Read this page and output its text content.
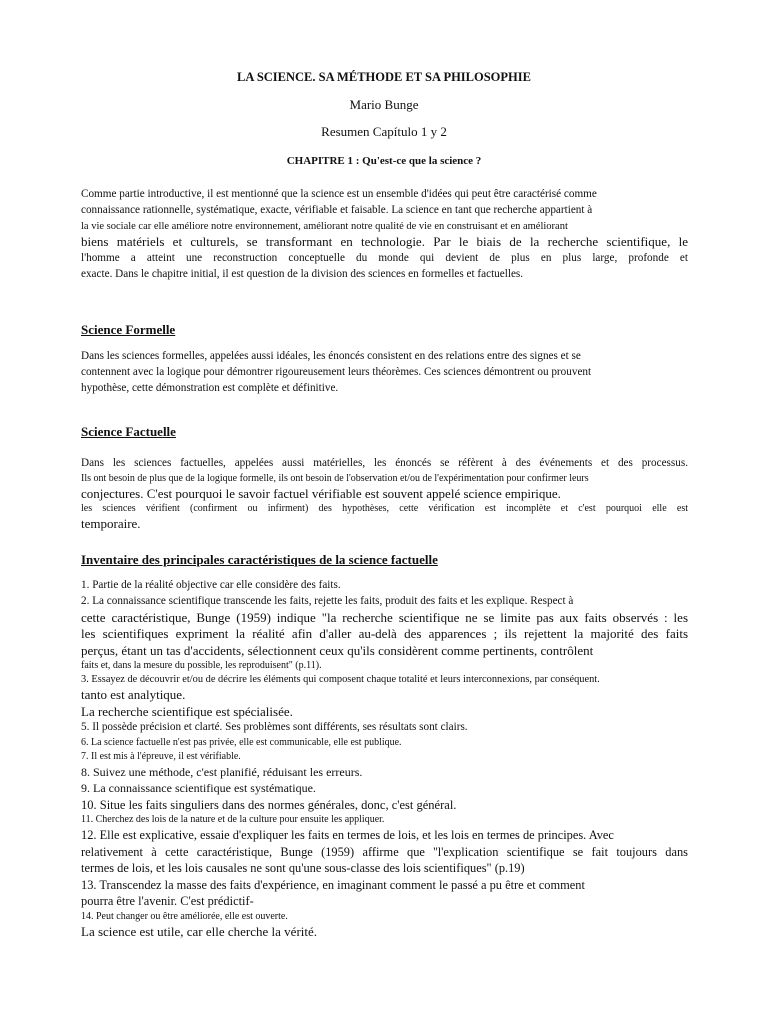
LA SCIENCE. SA MÉTHODE ET SA PHILOSOPHIE
Mario Bunge
Resumen Capítulo 1 y 2
CHAPITRE 1 : Qu'est-ce que la science ?
Comme partie introductive, il est mentionné que la science est un ensemble d'idées qui peut être caractérisé comme
connaissance rationnelle, systématique, exacte, vérifiable et faisable. La science en tant que recherche appartient à
la vie sociale car elle améliore notre environnement, améliorant notre qualité de vie en construisant et en améliorant
biens matériels et culturels, se transformant en technologie. Par le biais de la recherche scientifique, le
l'homme a atteint une reconstruction conceptuelle du monde qui devient de plus en plus large, profonde et
exacte. Dans le chapitre initial, il est question de la division des sciences en formelles et factuelles.
Science Formelle
Dans les sciences formelles, appelées aussi idéales, les énoncés consistent en des relations entre des signes et se
contennent avec la logique pour démontrer rigoureusement leurs théorèmes. Ces sciences démontrent ou prouvent
hypothèse, cette démonstration est complète et définitive.
Science Factuelle
Dans les sciences factuelles, appelées aussi matérielles, les énoncés se réfèrent à des événements et des processus.
Ils ont besoin de plus que de la logique formelle, ils ont besoin de l'observation et/ou de l'expérimentation pour confirmer leurs
conjectures. C'est pourquoi le savoir factuel vérifiable est souvent appelé science empirique.
les sciences vérifient (confirment ou infirment) des hypothèses, cette vérification est incomplète et c'est pourquoi elle est
temporaire.
Inventaire des principales caractéristiques de la science factuelle
1. Partie de la réalité objective car elle considère des faits.
2. La connaissance scientifique transcende les faits, rejette les faits, produit des faits et les explique. Respect à
cette caractéristique, Bunge (1959) indique "la recherche scientifique ne se limite pas aux faits observés : les
les scientifiques expriment la réalité afin d'aller au-delà des apparences ; ils rejettent la majorité des faits
perçus, étant un tas d'accidents, sélectionnent ceux qu'ils considèrent comme pertinents, contrôlent
faits et, dans la mesure du possible, les reproduisent" (p.11).
3. Essayez de découvrir et/ou de décrire les éléments qui composent chaque totalité et leurs interconnexions, par conséquent.
tanto est analytique.
La recherche scientifique est spécialisée.
5. Il possède précision et clarté. Ses problèmes sont différents, ses résultats sont clairs.
6. La science factuelle n'est pas privée, elle est communicable, elle est publique.
7. Il est mis à l'épreuve, il est vérifiable.
8. Suivez une méthode, c'est planifié, réduisant les erreurs.
9. La connaissance scientifique est systématique.
10. Situe les faits singuliers dans des normes générales, donc, c'est général.
11. Cherchez des lois de la nature et de la culture pour ensuite les appliquer.
12. Elle est explicative, essaie d'expliquer les faits en termes de lois, et les lois en termes de principes. Avec
relativement à cette caractéristique, Bunge (1959) affirme que ''l'explication scientifique se fait toujours dans
termes de lois, et les lois causales ne sont qu'une sous-classe des lois scientifiques" (p.19)
13. Transcendez la masse des faits d'expérience, en imaginant comment le passé a pu être et comment
pourra être l'avenir. C'est prédictif-
14. Peut changer ou être améliorée, elle est ouverte.
La science est utile, car elle cherche la vérité.
